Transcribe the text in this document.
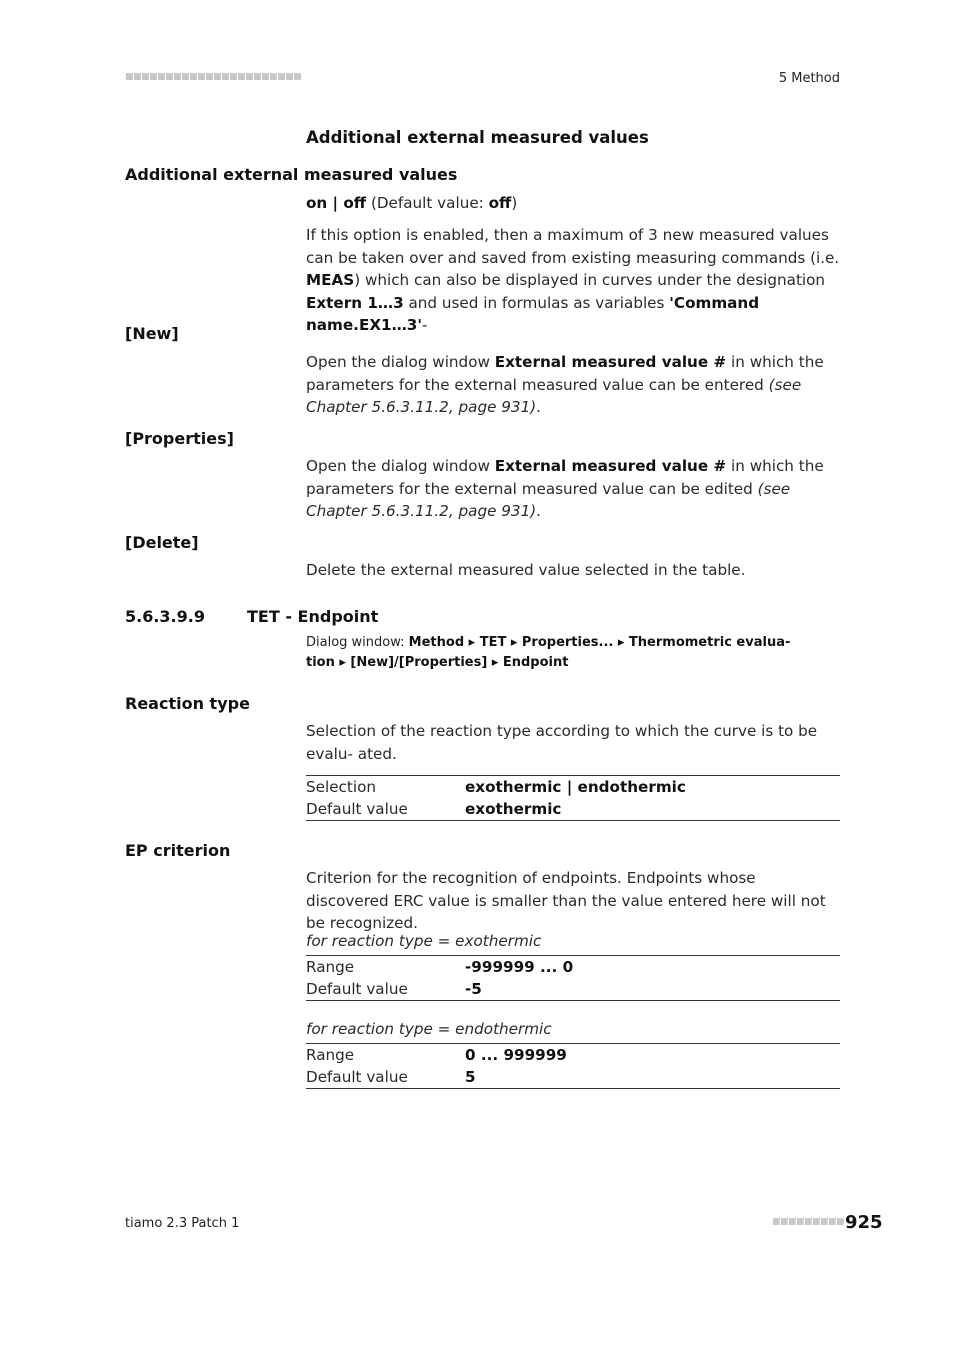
■■■■■■■■■■■■■■■■■■■■■■	5 Method
Additional external measured values
Additional external measured values
on | off (Default value: off)
If this option is enabled, then a maximum of 3 new measured values can be taken over and saved from existing measuring commands (i.e. MEAS) which can also be displayed in curves under the designation Extern 1…3 and used in formulas as variables 'Command name.EX1…3'-
[New]
Open the dialog window External measured value # in which the parameters for the external measured value can be entered (see Chapter 5.6.3.11.2, page 931).
[Properties]
Open the dialog window External measured value # in which the parameters for the external measured value can be edited (see Chapter 5.6.3.11.2, page 931).
[Delete]
Delete the external measured value selected in the table.
5.6.3.9.9	TET - Endpoint
Dialog window: Method ▸ TET ▸ Properties... ▸ Thermometric evalua-
tion ▸ [New]/[Properties] ▸ Endpoint
Reaction type
Selection of the reaction type according to which the curve is to be evalu- ated.
Selection	exothermic | endothermic
Default value	exothermic
EP criterion
Criterion for the recognition of endpoints. Endpoints whose discovered ERC value is smaller than the value entered here will not be recognized.
for reaction type = exothermic
Range	-999999 ... 0
Default value	-5
for reaction type = endothermic
Range	0 ... 999999
Default value	5
tiamo 2.3 Patch 1	■■■■■■■■■ 925
